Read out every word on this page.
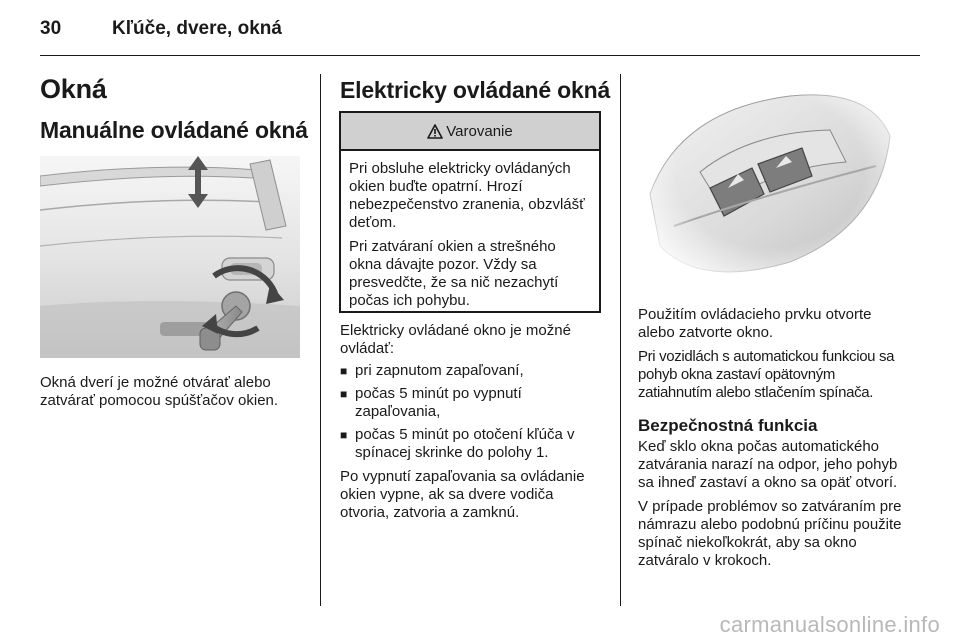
30	Kľúče, dvere, okná
Okná
Manuálne ovládané okná

Okná dverí je možné otvárať alebo zatvárať pomocou spúšťačov okien.

Elektricky ovládané okná
Varovanie

Pri obsluhe elektricky ovládaných okien buďte opatrní. Hrozí nebezpečenstvo zranenia, obzvlášť deťom.

Pri zatváraní okien a strešného okna dávajte pozor. Vždy sa presvedčte, že sa nič nezachytí počas ich pohybu.

Elektricky ovládané okno je možné ovládať:

■ pri zapnutom zapaľovaní,
■ počas 5 minút po vypnutí zapaľovania,
■ počas 5 minút po otočení kľúča v spínacej skrinke do polohy 1.

Po vypnutí zapaľovania sa ovládanie okien vypne, ak sa dvere vodiča otvoria, zatvoria a zamknú.

Použitím ovládacieho prvku otvorte alebo zatvorte okno.

Pri vozidlách s automatickou funkciou sa pohyb okna zastaví opätovným zatiahnutím alebo stlačením spínača.

Bezpečnostná funkcia

Keď sklo okna počas automatického zatvárania narazí na odpor, jeho pohyb sa ihneď zastaví a okno sa opäť otvorí.

V prípade problémov so zatváraním pre námrazu alebo podobnú príčinu použite spínač niekoľkokrát, aby sa okno zatváralo v krokoch.

carmanualsonline.info
